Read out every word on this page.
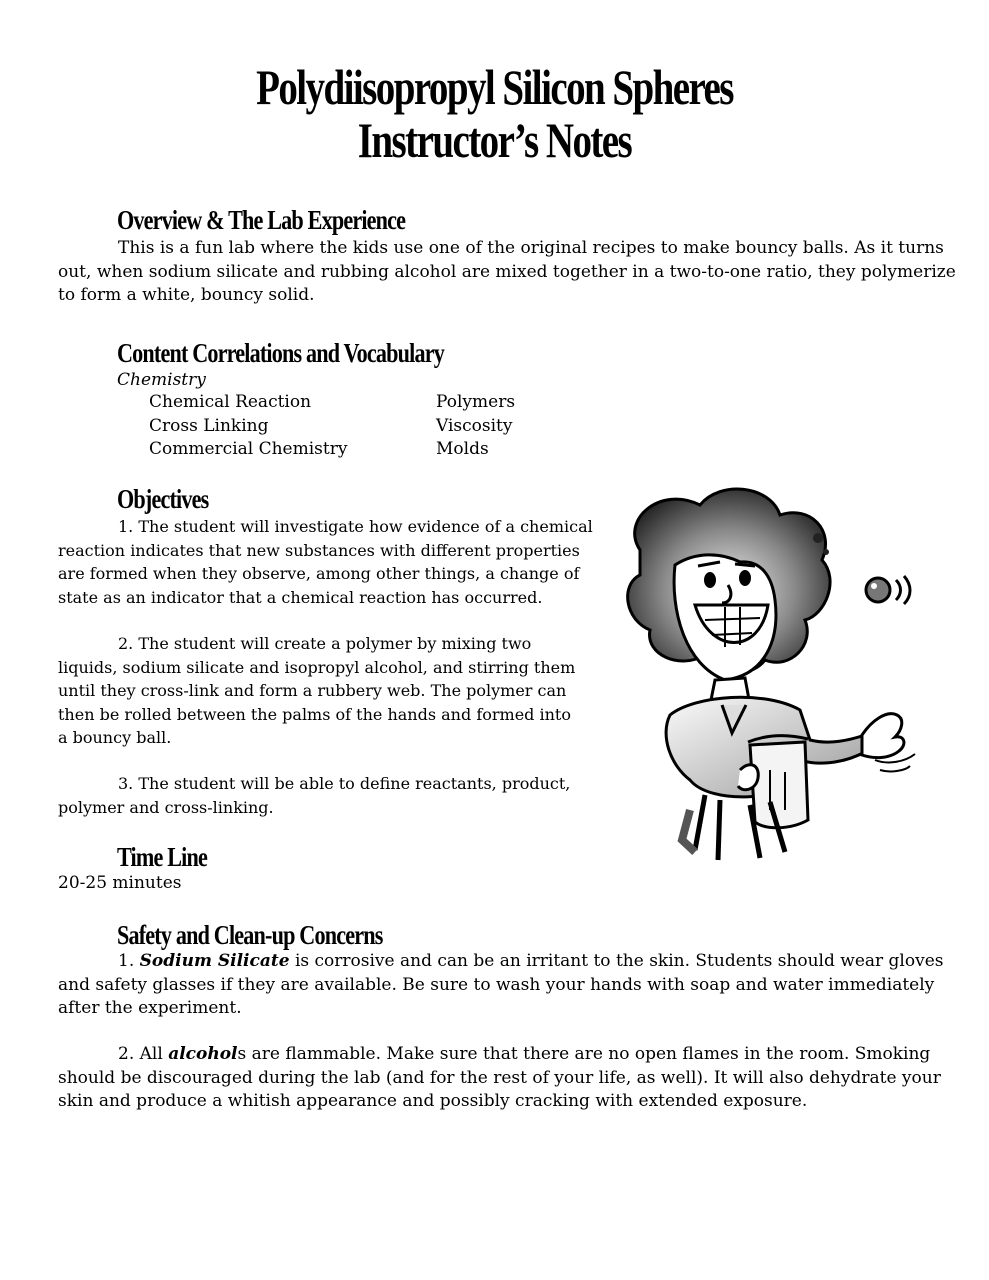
Polydiisopropyl Silicon Spheres
Instructor’s Notes
Overview & The Lab Experience
This is a fun lab where the kids use one of the original recipes to make bouncy balls. As it turns
out, when sodium silicate and rubbing alcohol are mixed together in a two-to-one ratio, they polymerize
to form a white, bouncy solid.
Content Correlations and Vocabulary
Chemistry
Chemical Reaction
Cross Linking
Commercial Chemistry
Polymers
Viscosity
Molds
Objectives
1. The student will investigate how evidence of a chemical
reaction indicates that new substances with different properties
are formed when they observe, among other things, a change of
state as an indicator that a chemical reaction has occurred.
2. The student will create a polymer by mixing two
liquids, sodium silicate and isopropyl alcohol, and stirring them
until they cross-link and form a rubbery web. The polymer can
then be rolled between the palms of the hands and formed into
a bouncy ball.
3. The student will be able to define reactants, product,
polymer and cross-linking.
Time Line
20-25 minutes
Safety and Clean-up Concerns
1. Sodium Silicate is corrosive and can be an irritant to the skin. Students should wear gloves
and safety glasses if they are available. Be sure to wash your hands with soap and water immediately
after the experiment.
2. All alcohols are flammable. Make sure that there are no open flames in the room. Smoking
should be discouraged during the lab (and for the rest of your life, as well). It will also dehydrate your
skin and produce a whitish appearance and possibly cracking with extended exposure.
